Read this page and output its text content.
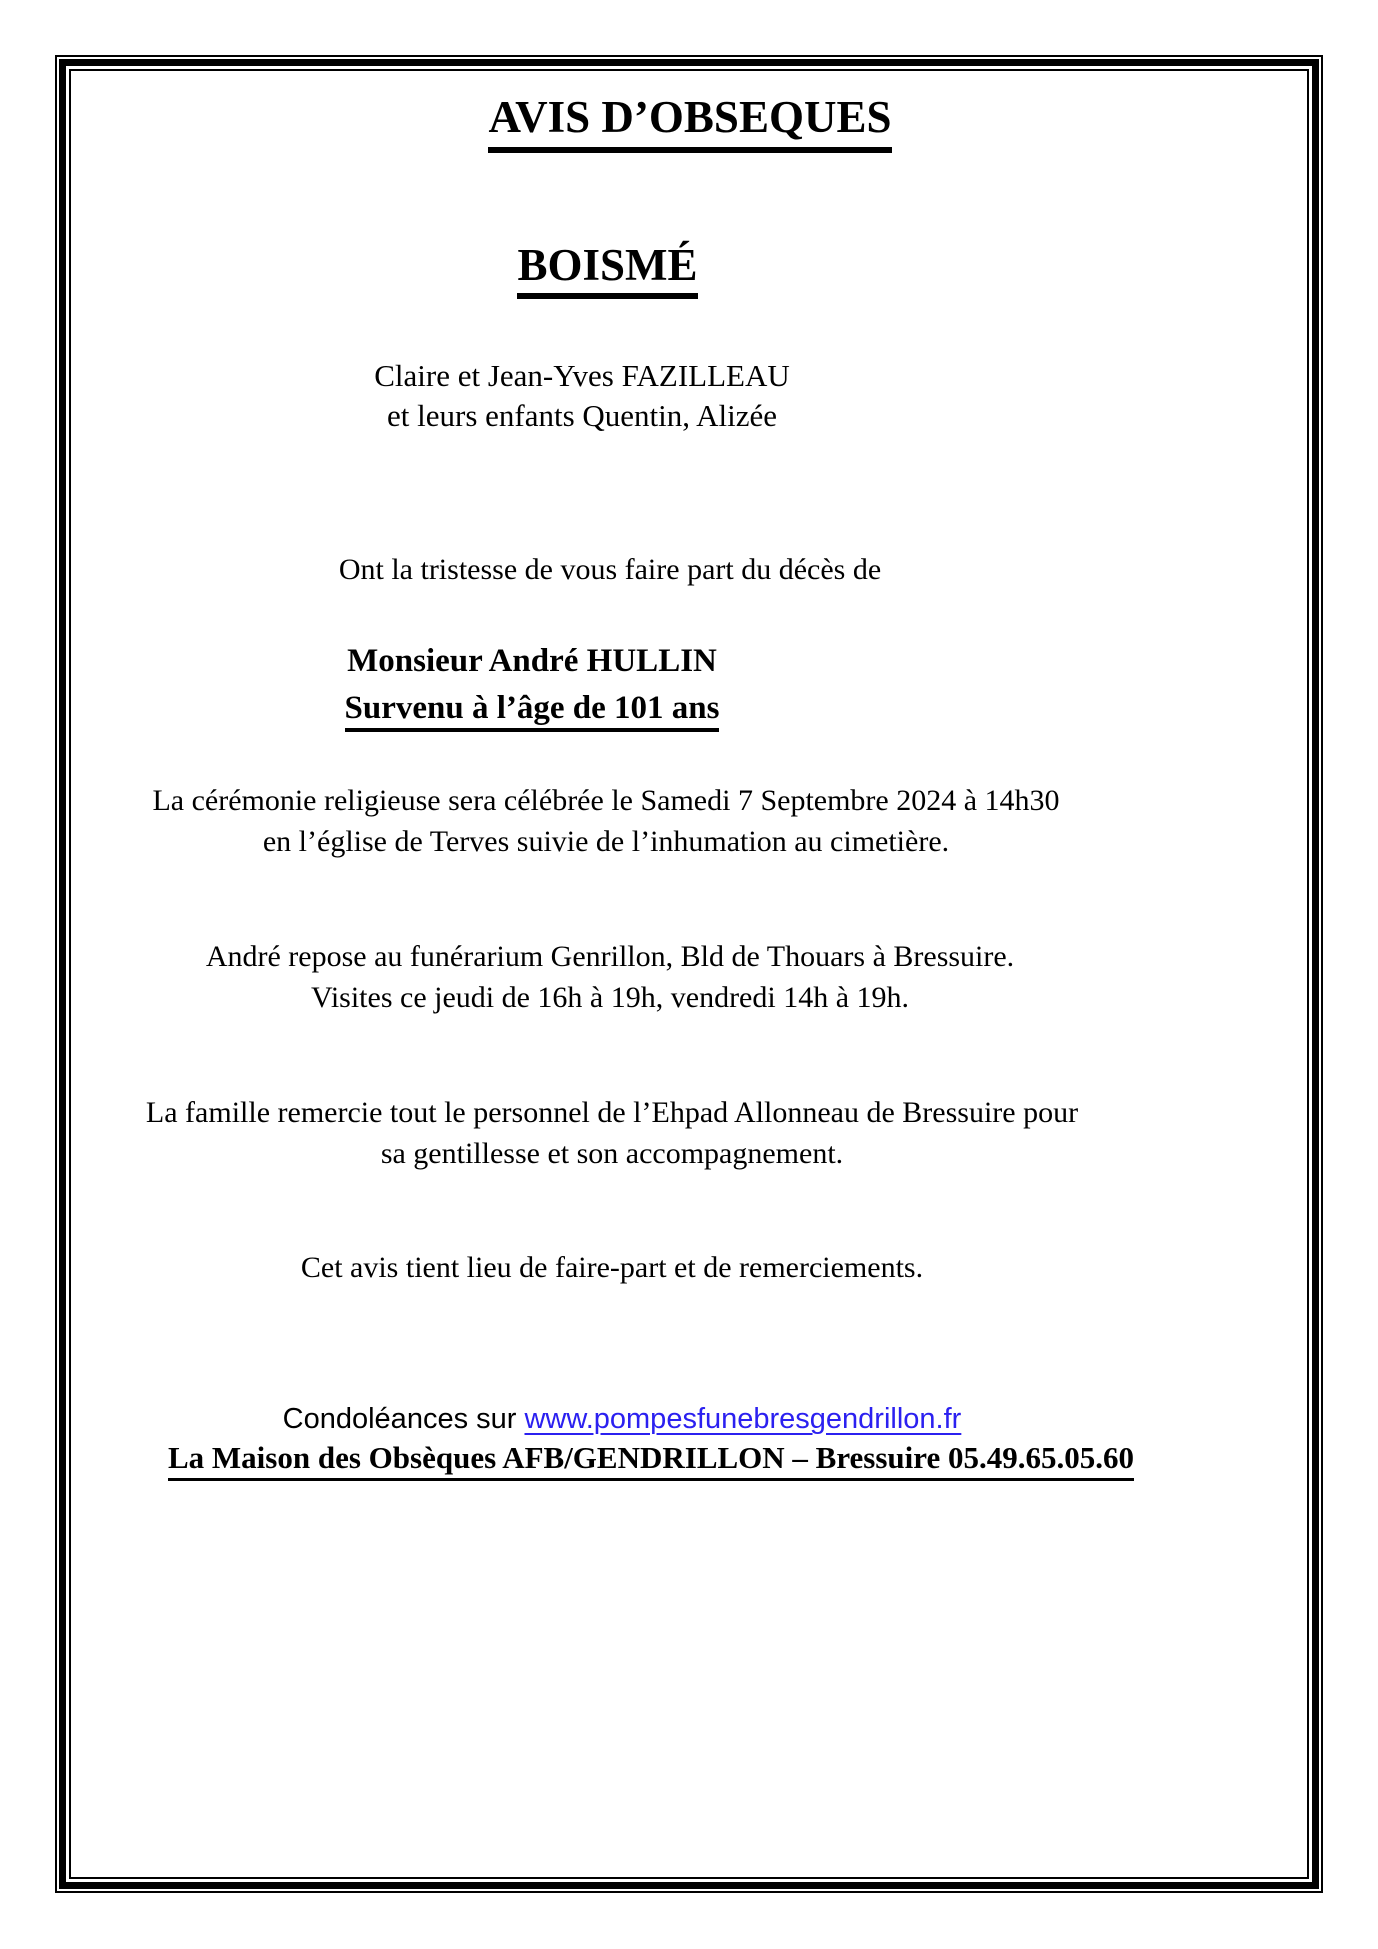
AVIS D’OBSEQUES
BOISMÉ
Claire et Jean-Yves FAZILLEAU
et leurs enfants Quentin, Alizée
Ont la tristesse de vous faire part du décès de
Monsieur André HULLIN
Survenu à l’âge de 101 ans
La cérémonie religieuse sera célébrée le Samedi 7 Septembre 2024 à 14h30
en l’église de Terves suivie de l’inhumation au cimetière.
André repose au funérarium Genrillon, Bld de Thouars à Bressuire.
Visites ce jeudi de 16h à 19h, vendredi 14h à 19h.
La famille remercie tout le personnel de l’Ehpad Allonneau de Bressuire pour
sa gentillesse et son accompagnement.
Cet avis tient lieu de faire-part et de remerciements.
Condoléances sur www.pompesfunebresgendrillon.fr
La Maison des Obsèques AFB/GENDRILLON – Bressuire 05.49.65.05.60
